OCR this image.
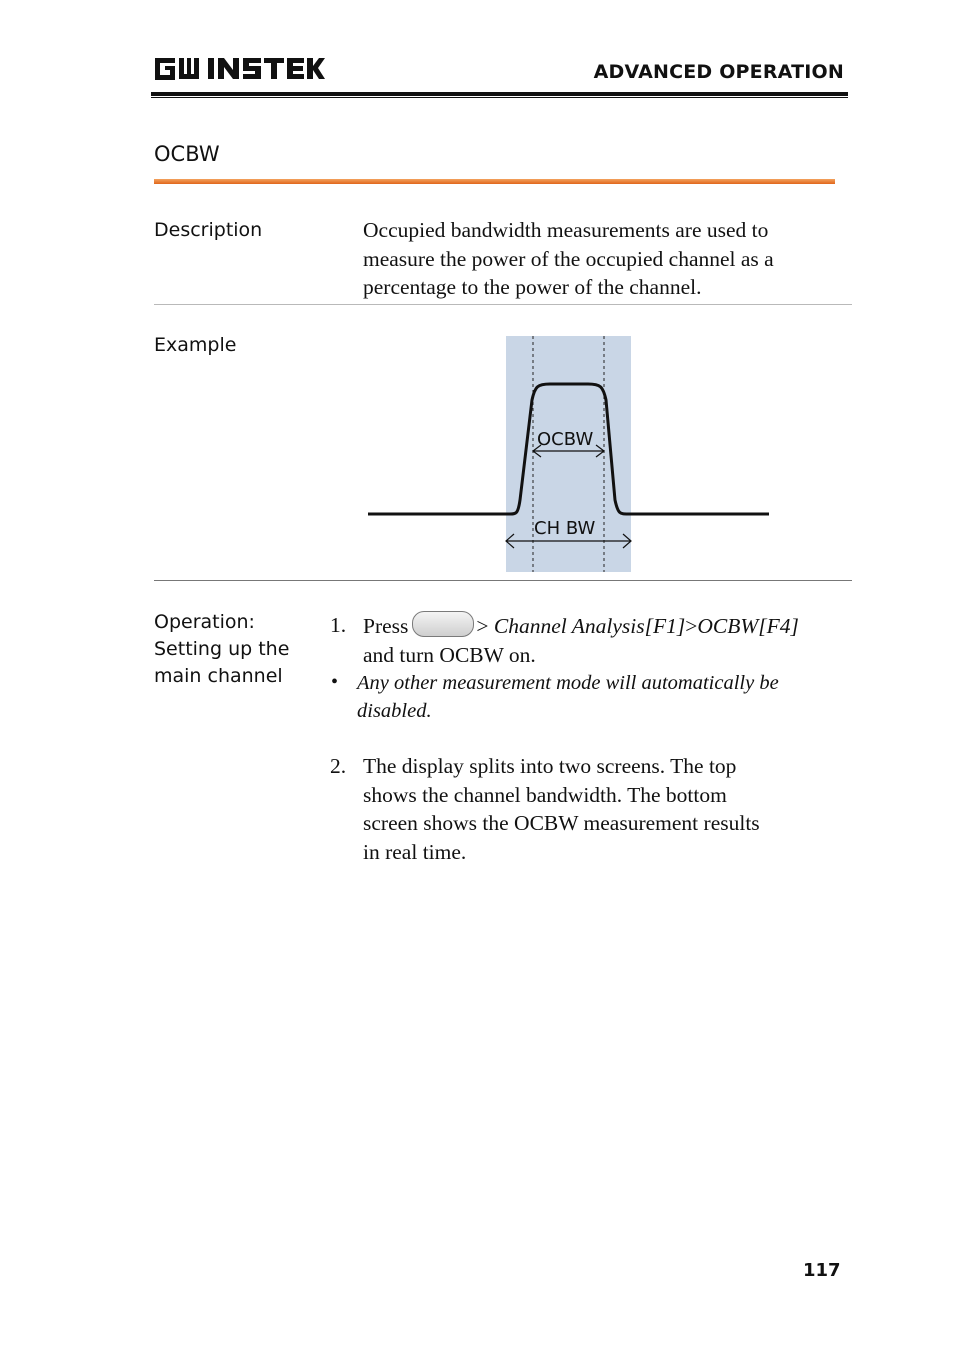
ADVANCED OPERATION
OCBW
Description	Occupied bandwidth measurements are used to
measure the power of the occupied channel as a
percentage to the power of the channel.
Example
OCBW
CH BW
Operation:
Setting up the
main channel
1. Press	> Channel Analysis[F1]>OCBW[F4]
and turn OCBW on.
• Any other measurement mode will automatically be
disabled.
2. The display splits into two screens. The top
shows the channel bandwidth. The bottom
screen shows the OCBW measurement results
in real time.
117
